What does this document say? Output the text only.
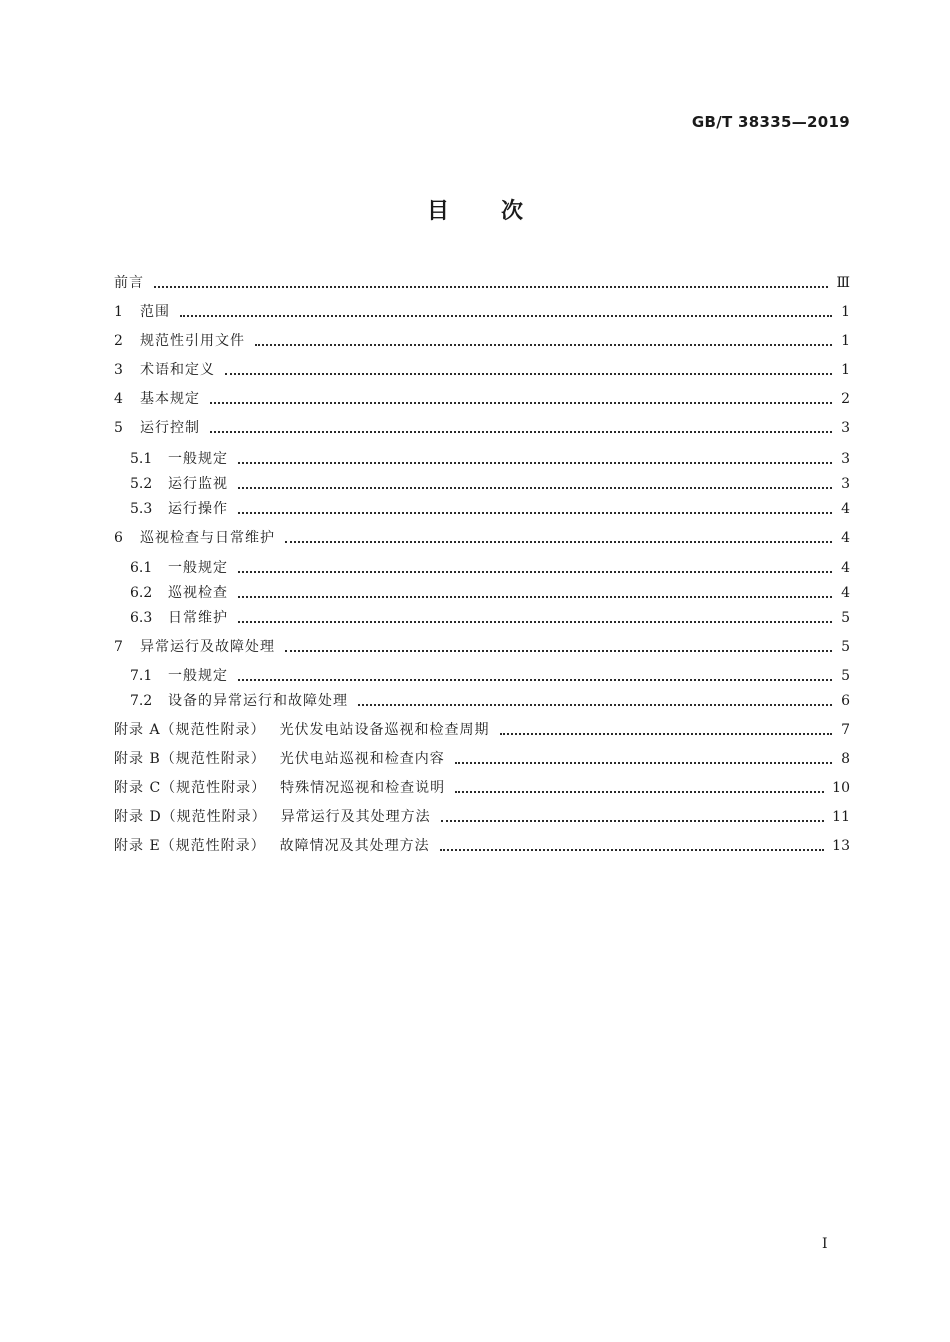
GB/T 38335—2019
目次
前言	Ⅲ
1	范围	1
2	规范性引用文件	1
3	术语和定义	1
4	基本规定	2
5	运行控制	3
5.1	一般规定	3
5.2	运行监视	3
5.3	运行操作	4
6	巡视检查与日常维护	4
6.1	一般规定	4
6.2	巡视检查	4
6.3	日常维护	5
7	异常运行及故障处理	5
7.1	一般规定	5
7.2	设备的异常运行和故障处理	6
附录 A（规范性附录）	光伏发电站设备巡视和检查周期	7
附录 B（规范性附录）	光伏电站巡视和检查内容	8
附录 C（规范性附录）	特殊情况巡视和检查说明	10
附录 D（规范性附录）	异常运行及其处理方法	11
附录 E（规范性附录）	故障情况及其处理方法	13
Ⅰ
